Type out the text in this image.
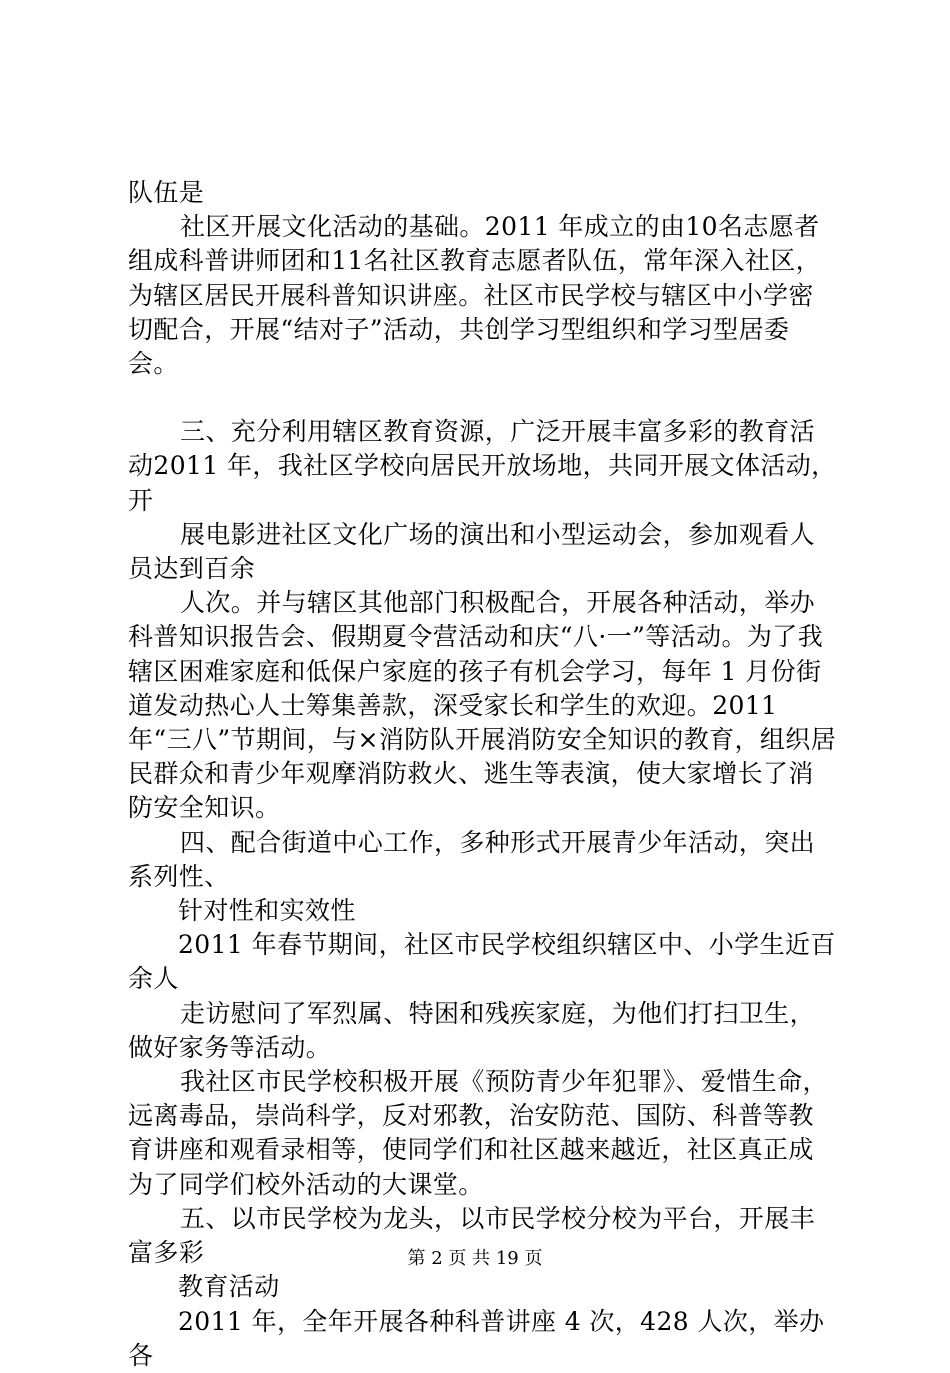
队伍是

社区开展文化活动的基础。2011 年成立的由10名志愿者组成科普讲师团和11名社区教育志愿者队伍，常年深入社区，为辖区居民开展科普知识讲座。社区市民学校与辖区中小学密切配合，开展“结对子”活动，共创学习型组织和学习型居委会。

三、充分利用辖区教育资源，广泛开展丰富多彩的教育活动2011 年，我社区学校向居民开放场地，共同开展文体活动，开

展电影进社区文化广场的演出和小型运动会，参加观看人员达到百余

人次。并与辖区其他部门积极配合，开展各种活动，举办科普知识报告会、假期夏令营活动和庆“八·一”等活动。为了我辖区困难家庭和低保户家庭的孩子有机会学习，每年 1 月份街道发动热心人士筹集善款，深受家长和学生的欢迎。2011 年“三八”节期间，与×消防队开展消防安全知识的教育，组织居民群众和青少年观摩消防救火、逃生等表演，使大家增长了消防安全知识。

四、配合街道中心工作，多种形式开展青少年活动，突出系列性、

针对性和实效性

2011 年春节期间，社区市民学校组织辖区中、小学生近百余人

走访慰问了军烈属、特困和残疾家庭，为他们打扫卫生，做好家务等活动。

我社区市民学校积极开展《预防青少年犯罪》、爱惜生命，远离毒品，崇尚科学，反对邪教，治安防范、国防、科普等教育讲座和观看录相等，使同学们和社区越来越近，社区真正成为了同学们校外活动的大课堂。

五、以市民学校为龙头，以市民学校分校为平台，开展丰富多彩

教育活动

2011 年，全年开展各种科普讲座 4 次，428 人次，举办各

第 2 页 共 19 页
